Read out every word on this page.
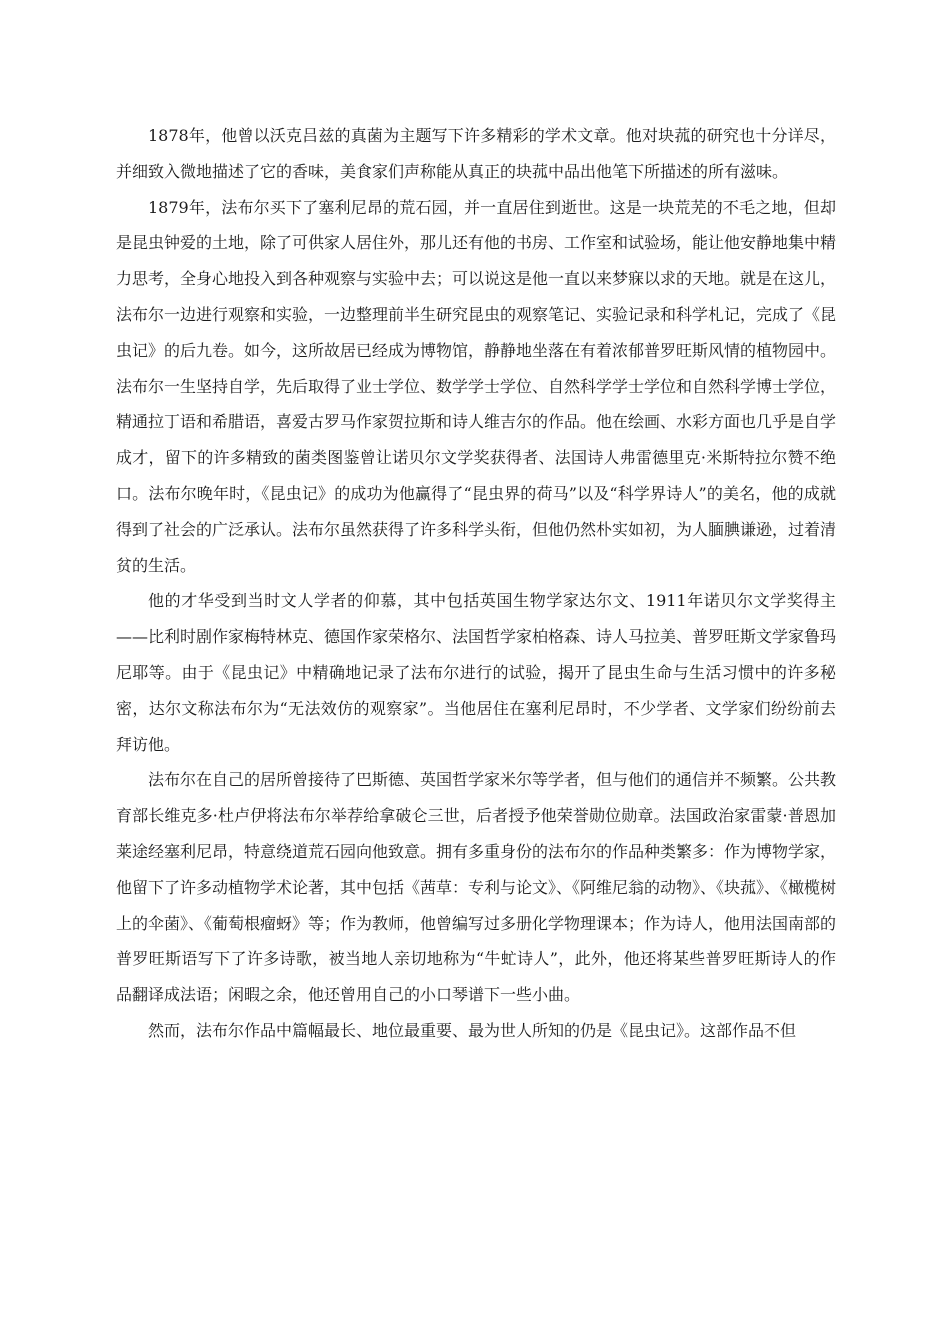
1878年，他曾以沃克吕兹的真菌为主题写下许多精彩的学术文章。他对块菰的研究也十分详尽，并细致入微地描述了它的香味，美食家们声称能从真正的块菰中品出他笔下所描述的所有滋味。

1879年，法布尔买下了塞利尼昂的荒石园，并一直居住到逝世。这是一块荒芜的不毛之地，但却是昆虫钟爱的土地，除了可供家人居住外，那儿还有他的书房、工作室和试验场，能让他安静地集中精力思考，全身心地投入到各种观察与实验中去；可以说这是他一直以来梦寐以求的天地。就是在这儿，法布尔一边进行观察和实验，一边整理前半生研究昆虫的观察笔记、实验记录和科学札记，完成了《昆虫记》的后九卷。如今，这所故居已经成为博物馆，静静地坐落在有着浓郁普罗旺斯风情的植物园中。法布尔一生坚持自学，先后取得了业士学位、数学学士学位、自然科学学士学位和自然科学博士学位，精通拉丁语和希腊语，喜爱古罗马作家贺拉斯和诗人维吉尔的作品。他在绘画、水彩方面也几乎是自学成才，留下的许多精致的菌类图鉴曾让诺贝尔文学奖获得者、法国诗人弗雷德里克·米斯特拉尔赞不绝口。法布尔晚年时，《昆虫记》的成功为他赢得了“昆虫界的荷马”以及“科学界诗人”的美名，他的成就得到了社会的广泛承认。法布尔虽然获得了许多科学头衔，但他仍然朴实如初，为人腼腆谦逊，过着清贫的生活。

他的才华受到当时文人学者的仰慕，其中包括英国生物学家达尔文、1911年诺贝尔文学奖得主——比利时剧作家梅特林克、德国作家荣格尔、法国哲学家柏格森、诗人马拉美、普罗旺斯文学家鲁玛尼耶等。由于《昆虫记》中精确地记录了法布尔进行的试验，揭开了昆虫生命与生活习惯中的许多秘密，达尔文称法布尔为“无法效仿的观察家”。当他居住在塞利尼昂时，不少学者、文学家们纷纷前去拜访他。

法布尔在自己的居所曾接待了巴斯德、英国哲学家米尔等学者，但与他们的通信并不频繁。公共教育部长维克多·杜卢伊将法布尔举荐给拿破仑三世，后者授予他荣誉勋位勋章。法国政治家雷蒙·普恩加莱途经塞利尼昂，特意绕道荒石园向他致意。拥有多重身份的法布尔的作品种类繁多：作为博物学家，他留下了许多动植物学术论著，其中包括《茜草：专利与论文》、《阿维尼翁的动物》、《块菰》、《橄榄树上的伞菌》、《葡萄根瘤蚜》等；作为教师，他曾编写过多册化学物理课本；作为诗人，他用法国南部的普罗旺斯语写下了许多诗歌，被当地人亲切地称为“牛虻诗人”，此外，他还将某些普罗旺斯诗人的作品翻译成法语；闲暇之余，他还曾用自己的小口琴谱下一些小曲。

然而，法布尔作品中篇幅最长、地位最重要、最为世人所知的仍是《昆虫记》。这部作品不但
